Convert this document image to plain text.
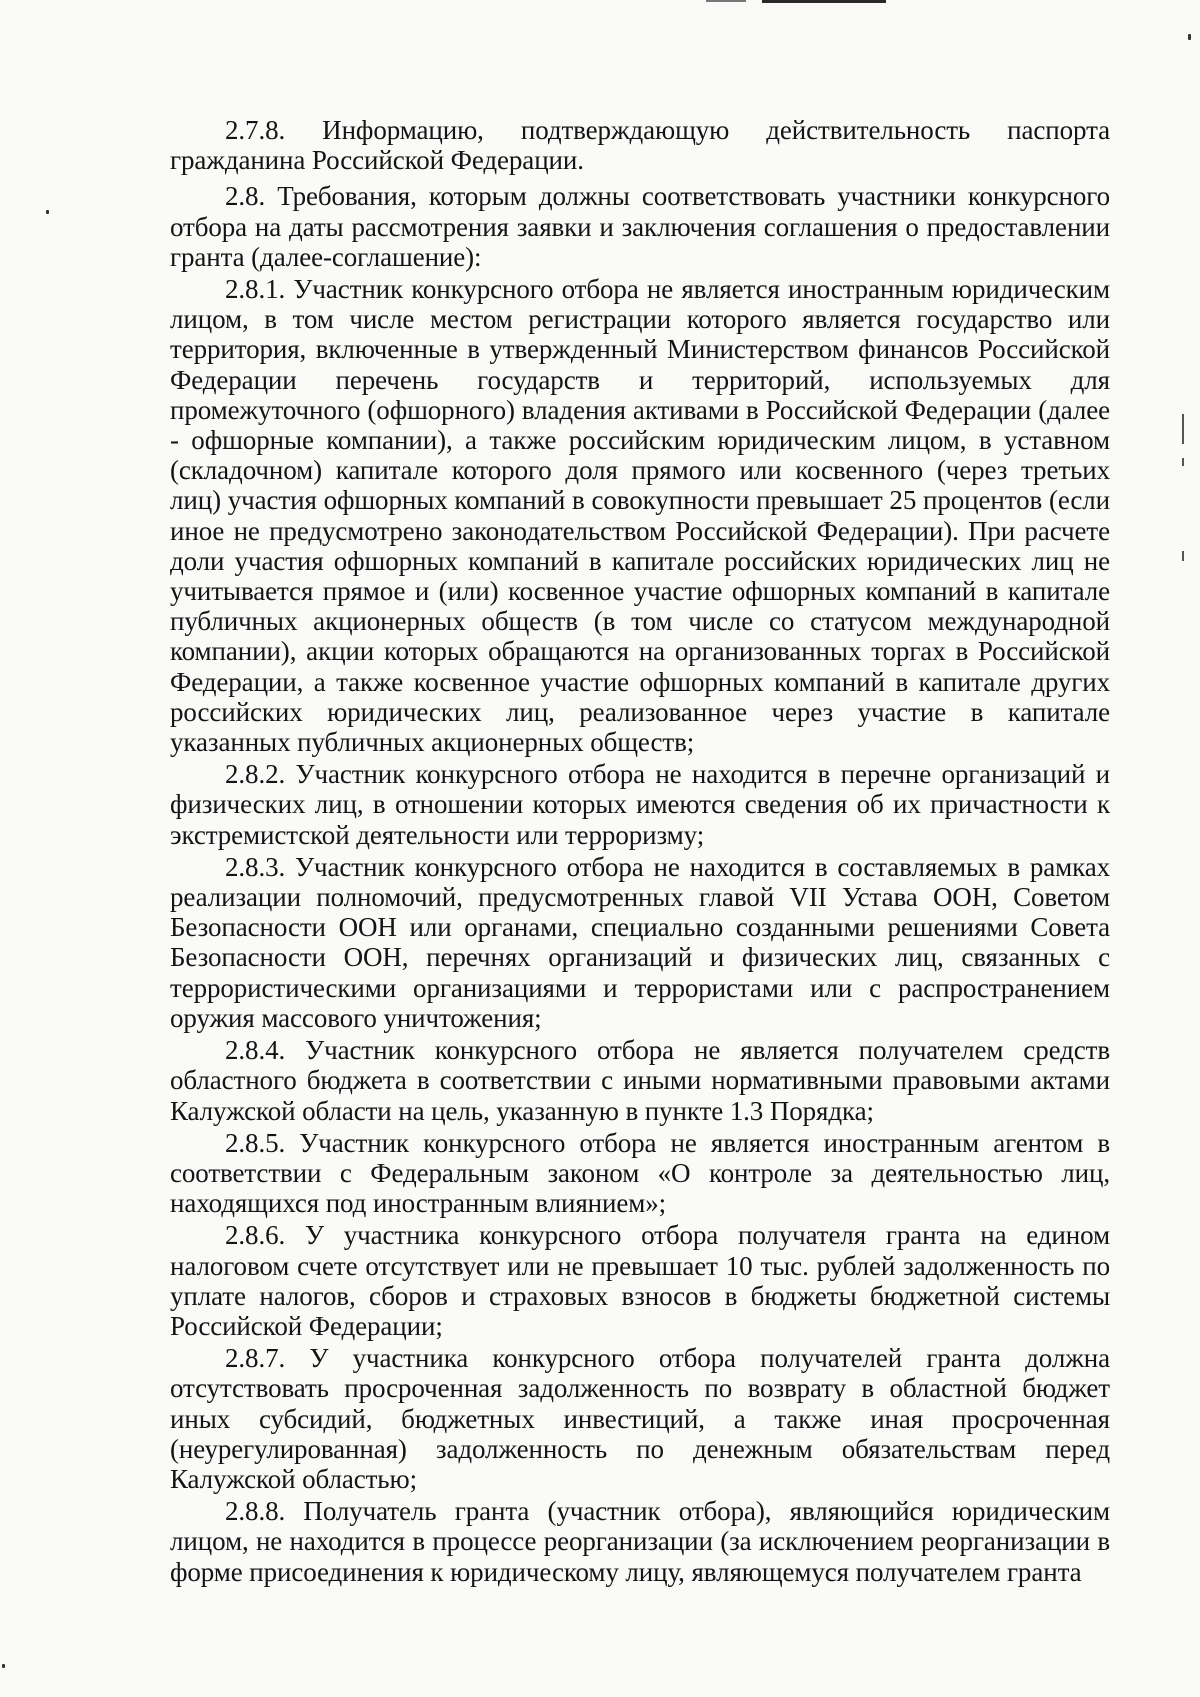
2.7.8. Информацию, подтверждающую действительность паспорта гражданина Российской Федерации.

2.8. Требования, которым должны соответствовать участники конкурсного отбора на даты рассмотрения заявки и заключения соглашения о предоставлении гранта (далее-соглашение):

2.8.1. Участник конкурсного отбора не является иностранным юридическим лицом, в том числе местом регистрации которого является государство или территория, включенные в утвержденный Министерством финансов Российской Федерации перечень государств и территорий, используемых для промежуточного (офшорного) владения активами в Российской Федерации (далее - офшорные компании), а также российским юридическим лицом, в уставном (складочном) капитале которого доля прямого или косвенного (через третьих лиц) участия офшорных компаний в совокупности превышает 25 процентов (если иное не предусмотрено законодательством Российской Федерации). При расчете доли участия офшорных компаний в капитале российских юридических лиц не учитывается прямое и (или) косвенное участие офшорных компаний в капитале публичных акционерных обществ (в том числе со статусом международной компании), акции которых обращаются на организованных торгах в Российской Федерации, а также косвенное участие офшорных компаний в капитале других российских юридических лиц, реализованное через участие в капитале указанных публичных акционерных обществ;

2.8.2. Участник конкурсного отбора не находится в перечне организаций и физических лиц, в отношении которых имеются сведения об их причастности к экстремистской деятельности или терроризму;

2.8.3. Участник конкурсного отбора не находится в составляемых в рамках реализации полномочий, предусмотренных главой VII Устава ООН, Советом Безопасности ООН или органами, специально созданными решениями Совета Безопасности ООН, перечнях организаций и физических лиц, связанных с террористическими организациями и террористами или с распространением оружия массового уничтожения;

2.8.4. Участник конкурсного отбора не является получателем средств областного бюджета в соответствии с иными нормативными правовыми актами Калужской области на цель, указанную в пункте 1.3 Порядка;

2.8.5. Участник конкурсного отбора не является иностранным агентом в соответствии с Федеральным законом «О контроле за деятельностью лиц, находящихся под иностранным влиянием»;

2.8.6. У участника конкурсного отбора получателя гранта на едином налоговом счете отсутствует или не превышает 10 тыс. рублей задолженность по уплате налогов, сборов и страховых взносов в бюджеты бюджетной системы Российской Федерации;

2.8.7. У участника конкурсного отбора получателей гранта должна отсутствовать просроченная задолженность по возврату в областной бюджет иных субсидий, бюджетных инвестиций, а также иная просроченная (неурегулированная) задолженность по денежным обязательствам перед Калужской областью;

2.8.8. Получатель гранта (участник отбора), являющийся юридическим лицом, не находится в процессе реорганизации (за исключением реорганизации в форме присоединения к юридическому лицу, являющемуся получателем гранта
